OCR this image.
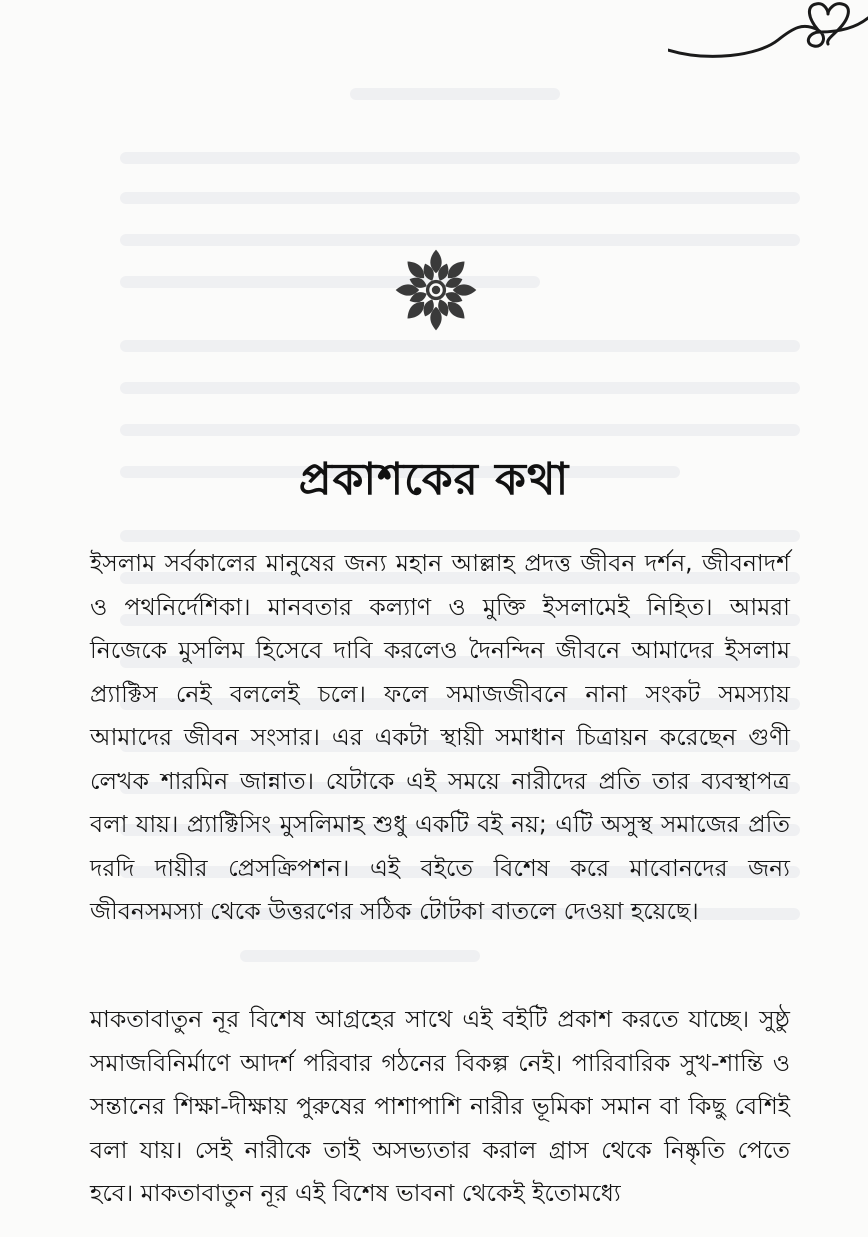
প্রকাশকের কথা

ইসলাম সর্বকালের মানুষের জন্য মহান আল্লাহ প্রদত্ত জীবন দর্শন, জীবনাদর্শ ও পথনির্দেশিকা। মানবতার কল্যাণ ও মুক্তি ইসলামেই নিহিত। আমরা নিজেকে মুসলিম হিসেবে দাবি করলেও দৈনন্দিন জীবনে আমাদের ইসলাম প্র্যাক্টিস নেই বললেই চলে। ফলে সমাজজীবনে নানা সংকট সমস্যায় আমাদের জীবন সংসার। এর একটা স্থায়ী সমাধান চিত্রায়ন করেছেন গুণী লেখক শারমিন জান্নাত। যেটাকে এই সময়ে নারীদের প্রতি তার ব্যবস্থাপত্র বলা যায়। প্র্যাক্টিসিং মুসলিমাহ শুধু একটি বই নয়; এটি অসুস্থ সমাজের প্রতি দরদি দায়ীর প্রেসক্রিপশন। এই বইতে বিশেষ করে মাবোনদের জন্য জীবনসমস্যা থেকে উত্তরণের সঠিক টোটকা বাতলে দেওয়া হয়েছে।

মাকতাবাতুন নূর বিশেষ আগ্রহের সাথে এই বইটি প্রকাশ করতে যাচ্ছে। সুষ্ঠু সমাজবিনির্মাণে আদর্শ পরিবার গঠনের বিকল্প নেই। পারিবারিক সুখ-শান্তি ও সন্তানের শিক্ষা-দীক্ষায় পুরুষের পাশাপাশি নারীর ভূমিকা সমান বা কিছু বেশিই বলা যায়। সেই নারীকে তাই অসভ্যতার করাল গ্রাস থেকে নিষ্কৃতি পেতে হবে। মাকতাবাতুন নূর এই বিশেষ ভাবনা থেকেই ইতোমধ্যে
